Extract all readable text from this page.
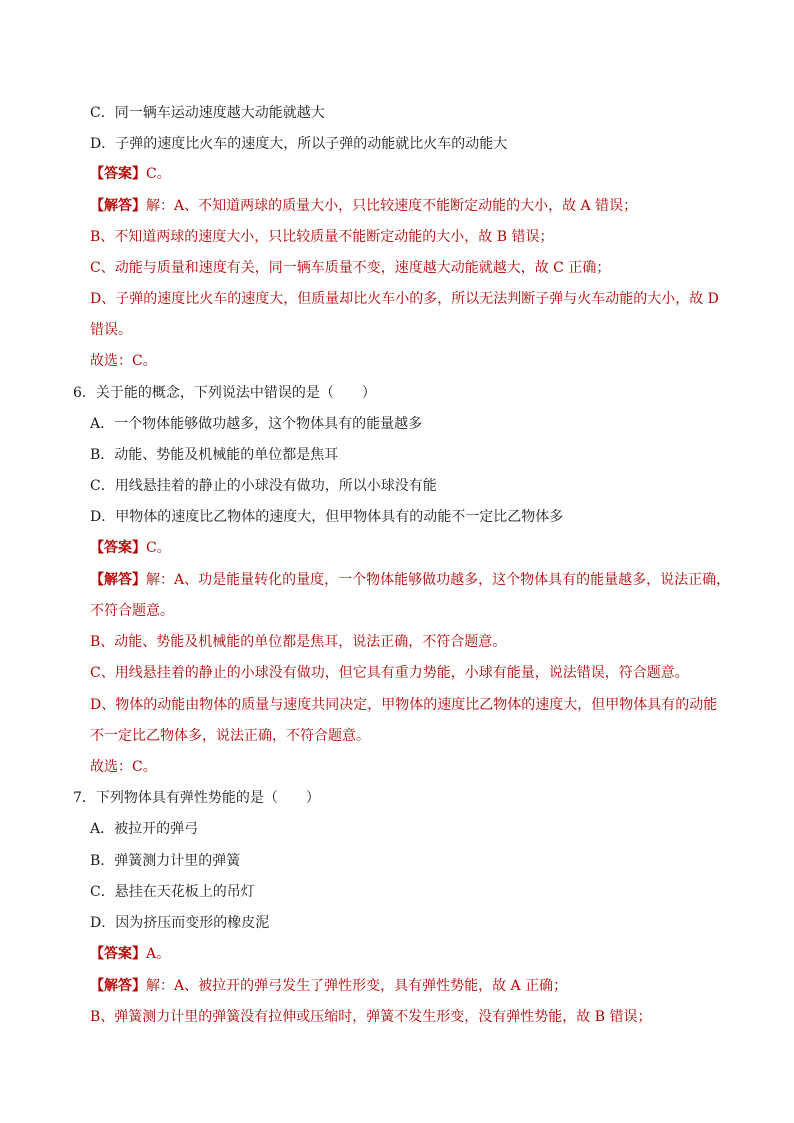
C．同一辆车运动速度越大动能就越大
D．子弹的速度比火车的速度大，所以子弹的动能就比火车的动能大
【答案】C。
【解答】解：A、不知道两球的质量大小，只比较速度不能断定动能的大小，故 A 错误；
B、不知道两球的速度大小，只比较质量不能断定动能的大小，故 B 错误；
C、动能与质量和速度有关，同一辆车质量不变，速度越大动能就越大，故 C 正确；
D、子弹的速度比火车的速度大，但质量却比火车小的多，所以无法判断子弹与火车动能的大小，故 D
错误。
故选：C。
6．关于能的概念，下列说法中错误的是（　　）
A．一个物体能够做功越多，这个物体具有的能量越多
B．动能、势能及机械能的单位都是焦耳
C．用线悬挂着的静止的小球没有做功，所以小球没有能
D．甲物体的速度比乙物体的速度大，但甲物体具有的动能不一定比乙物体多
【答案】C。
【解答】解：A、功是能量转化的量度，一个物体能够做功越多，这个物体具有的能量越多，说法正确，
不符合题意。
B、动能、势能及机械能的单位都是焦耳，说法正确，不符合题意。
C、用线悬挂着的静止的小球没有做功，但它具有重力势能，小球有能量，说法错误，符合题意。
D、物体的动能由物体的质量与速度共同决定，甲物体的速度比乙物体的速度大，但甲物体具有的动能
不一定比乙物体多，说法正确，不符合题意。
故选：C。
7．下列物体具有弹性势能的是（　　）
A．被拉开的弹弓
B．弹簧测力计里的弹簧
C．悬挂在天花板上的吊灯
D．因为挤压而变形的橡皮泥
【答案】A。
【解答】解：A、被拉开的弹弓发生了弹性形变，具有弹性势能，故 A 正确；
B、弹簧测力计里的弹簧没有拉伸或压缩时，弹簧不发生形变，没有弹性势能，故 B 错误；
